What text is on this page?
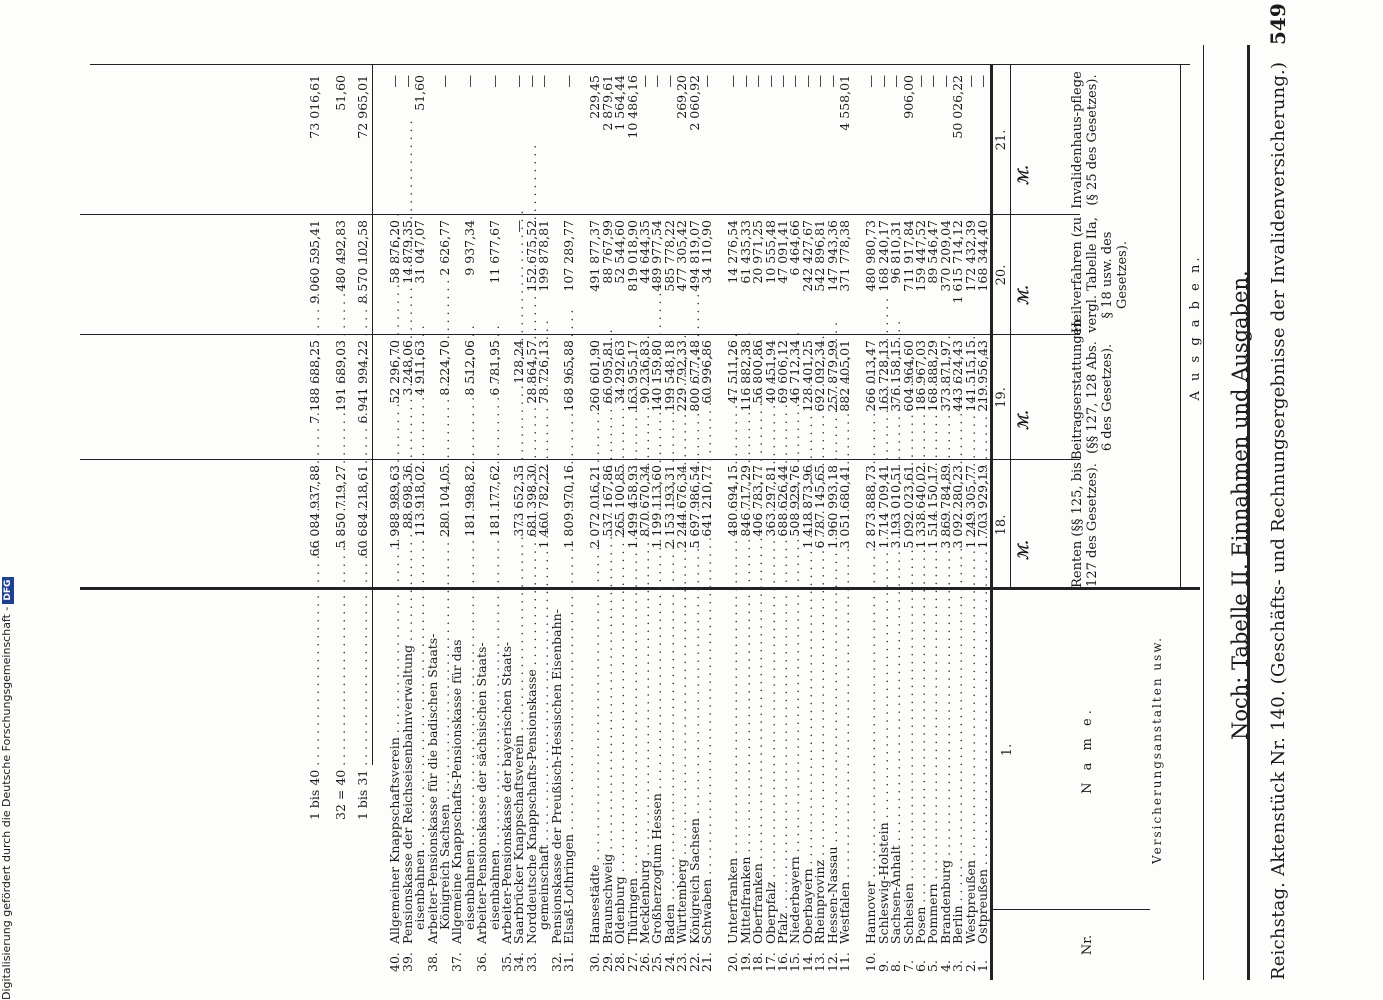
Reichstag. Aktenstück Nr. 140. (Geschäfts- und Rechnungsergebnisse der Invalidenversicherung.)
549
Noch: Tabelle II. Einnahmen und Ausgaben.
Nr.
Versicherungsanstalten usw.
N a m e.
1.
A u s g a b e n.
Renten (§§ 125, bis 127 des Gesetzes).
Beitragserstattungen (§§ 127, 128 Abs. 6 des Gesetzes).
Heilverfahren (zu vergl. Tabelle IIa, § 18 usw. des Gesetzes).
Invalidenhaus-pflege (§ 25 des Gesetzes).
18.
19.
20.
21.
ℳ.
ℳ.
ℳ.
ℳ.
1.
Ostpreußen . . .
1 703 929,19
219 956,43
168 344,40
—
2.
Westpreußen . . .
1 249 305,77
141 515,15
172 432,39
—
3.
Berlin . . .
3 092 280,23
443 624,43
1 615 714,12
50 026,22
4.
Brandenburg . . .
3 869 784,89
373 871,97
370 209,04
—
5.
Pommern . . .
1 514 150,17
168 888,29
89 546,47
—
6.
Posen . . .
1 338 640,02
186 967,03
159 447,52
—
7.
Schlesien . . .
5 092 023,61
604 964,60
711 917,84
906,00
8.
Sachsen-Anhalt . . .
3 193 010,51
376 158,15
96 810,31
—
9.
Schleswig-Holstein . . .
1 714 709,41
163 728,13
168 240,17
—
10.
Hannover . . .
2 873 888,73
266 013,47
480 980,73
—
11.
Westfalen . . .
3 051 680,41
882 405,01
371 778,38
4 558,01
12.
Hessen-Nassau . . .
1 960 993,18
257 879,99
147 943,36
—
13.
Rheinprovinz . . .
6 787 145,65
692 092,34
542 896,81
—
14.
Oberbayern . . .
1 418 873,96
128 401,25
242 427,67
—
15.
Niederbayern . . .
508 929,76
46 712,34
6 464,66
—
16.
Pfalz . . .
688 626,44
69 606,12
47 091,41
—
17.
Oberpfalz . . .
363 297,81
40 451,94
10 555,48
—
18.
Oberfranken . . .
406 783,77
56 800,86
20 971,25
—
19.
Mittelfranken . . .
846 717,29
116 882,38
61 435,33
—
20.
Unterfranken . . .
480 694,15
47 511,26
14 276,54
—
21.
Schwaben . . .
641 210,77
60 996,86
34 110,90
—
22.
Königreich Sachsen . . .
5 697 986,54
800 677,48
494 819,07
2 060,92
23.
Württemberg . . .
2 244 676,34
229 792,33
477 305,42
269,20
24.
Baden . . .
2 153 193,31
199 548,18
585 778,22
—
25.
Großherzogtum Hessen . . .
1 199 113,60
140 159,80
489 977,54
—
26.
Mecklenburg . . .
870 670,34
90 236,83
44 644,35
—
27.
Thüringen . . .
1 499 458,93
163 955,17
819 018,90
10 486,16
28.
Oldenburg . . .
265 100,85
34 292,63
52 544,60
1 564,44
29.
Braunschweig . . .
537 167,86
66 095,81
88 767,99
2 879,61
30.
Hansestädte . . .
2 072 016,21
260 601,90
491 877,37
229,45
31.
Elsaß-Lothringen . . .
1 809 970,16
168 965,88
107 289,77
—
32.
Pensionskasse der Preußisch-Hessischen Eisenbahn-
gemeinschaft . . .
1 460 782,22
78 726,13
199 878,81
—
33.
Norddeutsche Knappschafts-Pensionskasse . . .
681 398,30
28 864,57
152 675,52
—
34.
Saarbrücker Knappschaftsverein . . .
373 652,35
128,24
—
—
35.
Arbeiter-Pensionskasse der bayerischen Staats-
eisenbahnen . . .
181 177,62
6 781,95
11 677,67
—
36.
Arbeiter-Pensionskasse der sächsischen Staats-
eisenbahnen . . .
181 998,82
8 512,06
9 937,34
—
37.
Allgemeine Knappschafts-Pensionskasse für das
Königreich Sachsen . . .
280 104,05
8 224,70
2 626,77
—
38.
Arbeiter-Pensionskasse für die badischen Staats-
eisenbahnen . . .
113 918,02
4 911,63
31 047,07
51,60
39.
Pensionskasse der Reichseisenbahnverwaltung . . .
88 698,36
3 248,06
14 879,35
—
40.
Allgemeiner Knappschaftsverein . . .
1 988 989,63
52 296,70
58 876,20
—
1 bis 31 . . .
60 684 218,61
6 941 994,22
8 570 102,58
72 965,01
32 = 40 . . .
5 850 719,27
191 689,03
480 492,83
51,60
1 bis 40 . . .
66 084 937,88
7 188 688,25
9 060 595,41
73 016,61
Digitalisierung gefördert durch die Deutsche Forschungsgemeinschaft -DFG
